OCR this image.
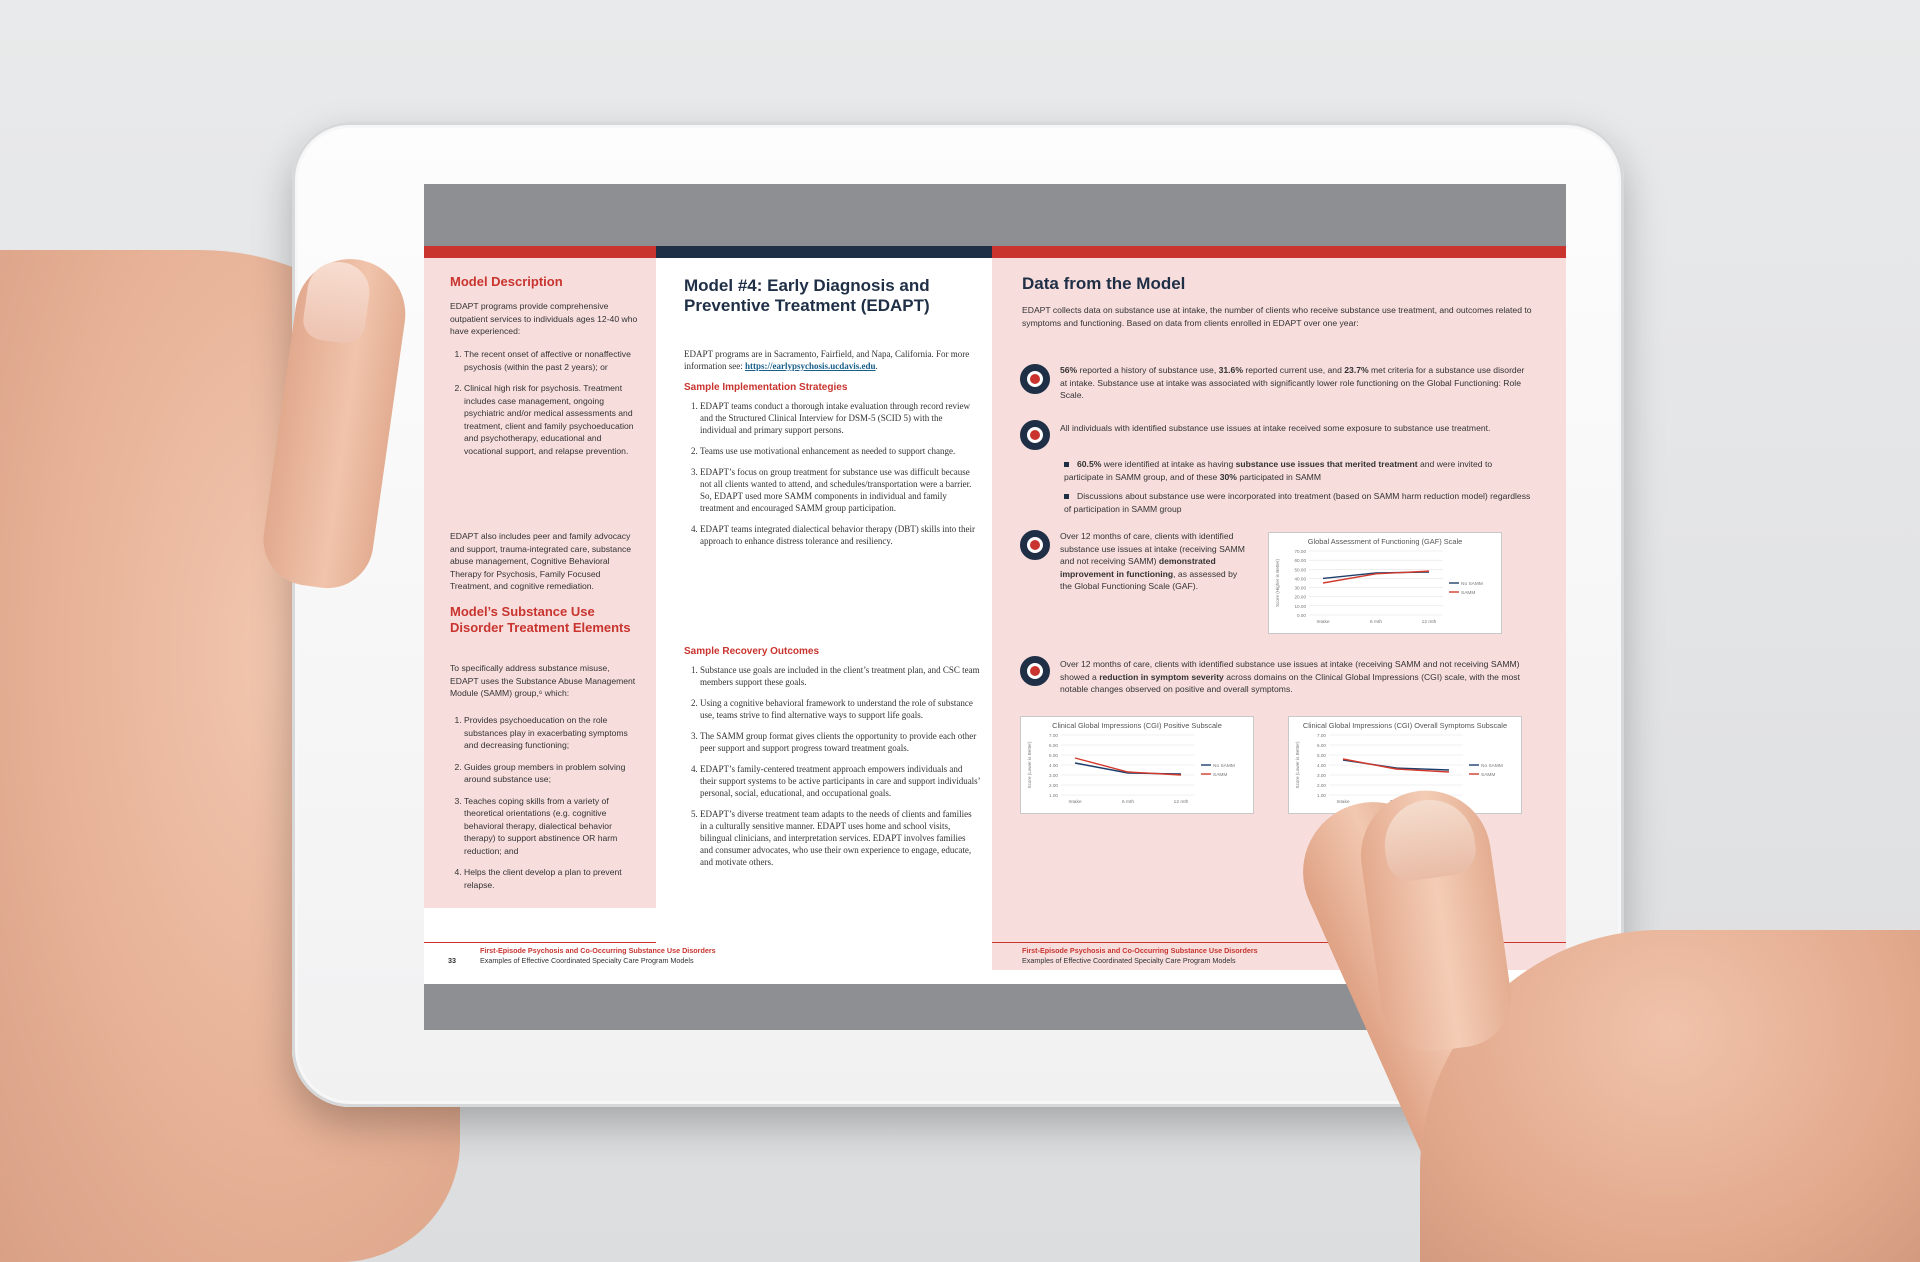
Model Description
EDAPT programs provide comprehensive outpatient services to individuals ages 12-40 who have experienced:
1. The recent onset of affective or nonaffective psychosis (within the past 2 years); or
2. Clinical high risk for psychosis. Treatment includes case management, ongoing psychiatric and/or medical assessments and treatment, client and family psychoeducation and psychotherapy, educational and vocational support, and relapse prevention.
EDAPT also includes peer and family advocacy and support, trauma-integrated care, substance abuse management, Cognitive Behavioral Therapy for Psychosis, Family Focused Treatment, and cognitive remediation.
Model’s Substance Use Disorder Treatment Elements
To specifically address substance misuse, EDAPT uses the Substance Abuse Management Module (SAMM) group,⁶ which:
1. Provides psychoeducation on the role substances play in exacerbating symptoms and decreasing functioning;
2. Guides group members in problem solving around substance use;
3. Teaches coping skills from a variety of theoretical orientations (e.g. cognitive behavioral therapy, dialectical behavior therapy) to support abstinence OR harm reduction; and
4. Helps the client develop a plan to prevent relapse.
Model #4: Early Diagnosis and Preventive Treatment (EDAPT)
EDAPT programs are in Sacramento, Fairfield, and Napa, California. For more information see: https://earlypsychosis.ucdavis.edu.
Sample Implementation Strategies
1. EDAPT teams conduct a thorough intake evaluation through record review and the Structured Clinical Interview for DSM-5 (SCID 5) with the individual and primary support persons.
2. Teams use use motivational enhancement as needed to support change.
3. EDAPT’s focus on group treatment for substance use was difficult because not all clients wanted to attend, and schedules/transportation were a barrier. So, EDAPT used more SAMM components in individual and family treatment and encouraged SAMM group participation.
4. EDAPT teams integrated dialectical behavior therapy (DBT) skills into their approach to enhance distress tolerance and resiliency.
Sample Recovery Outcomes
1. Substance use goals are included in the client’s treatment plan, and CSC team members support these goals.
2. Using a cognitive behavioral framework to understand the role of substance use, teams strive to find alternative ways to support life goals.
3. The SAMM group format gives clients the opportunity to provide each other peer support and support progress toward treatment goals.
4. EDAPT’s family-centered treatment approach empowers individuals and their support systems to be active participants in care and support individuals’ personal, social, educational, and occupational goals.
5. EDAPT’s diverse treatment team adapts to the needs of clients and families in a culturally sensitive manner. EDAPT uses home and school visits, bilingual clinicians, and interpretation services. EDAPT involves families and consumer advocates, who use their own experience to engage, educate, and motivate others.
Data from the Model
EDAPT collects data on substance use at intake, the number of clients who receive substance use treatment, and outcomes related to symptoms and functioning. Based on data from clients enrolled in EDAPT over one year:
56% reported a history of substance use, 31.6% reported current use, and 23.7% met criteria for a substance use disorder at intake. Substance use at intake was associated with significantly lower role functioning on the Global Functioning: Role Scale.
All individuals with identified substance use issues at intake received some exposure to substance use treatment.
60.5% were identified at intake as having substance use issues that merited treatment and were invited to participate in SAMM group, and of these 30% participated in SAMM
Discussions about substance use were incorporated into treatment (based on SAMM harm reduction model) regardless of participation in SAMM group
Over 12 months of care, clients with identified substance use issues at intake (receiving SAMM and not receiving SAMM) demonstrated improvement in functioning, as assessed by the Global Functioning Scale (GAF).
Global Assessment of Functioning (GAF) Scale
70.00
60.00
50.00
40.00
30.00
20.00
10.00
0.00
Score (Higher is Better)
Intake	6 mth	12 mth
No SAMM
SAMM
Over 12 months of care, clients with identified substance use issues at intake (receiving SAMM and not receiving SAMM) showed a reduction in symptom severity across domains on the Clinical Global Impressions (CGI) scale, with the most notable changes observed on positive and overall symptoms.
Clinical Global Impressions (CGI) Positive Subscale
7.00
6.00
5.00
4.00
3.00
2.00
1.00
Score (Lower is Better)
Intake	6 mth	12 mth
No SAMM
SAMM
Clinical Global Impressions (CGI) Overall Symptoms Subscale
7.00
6.00
5.00
4.00
3.00
2.00
1.00
Score (Lower is Better)
Intake
No SAMM
SAMM
33
First-Episode Psychosis and Co-Occurring Substance Use Disorders
Examples of Effective Coordinated Specialty Care Program Models
First-Episode Psychosis and Co-Occurring Substance Use Disorders
Examples of Effective Coordinated Specialty Care Program Models
